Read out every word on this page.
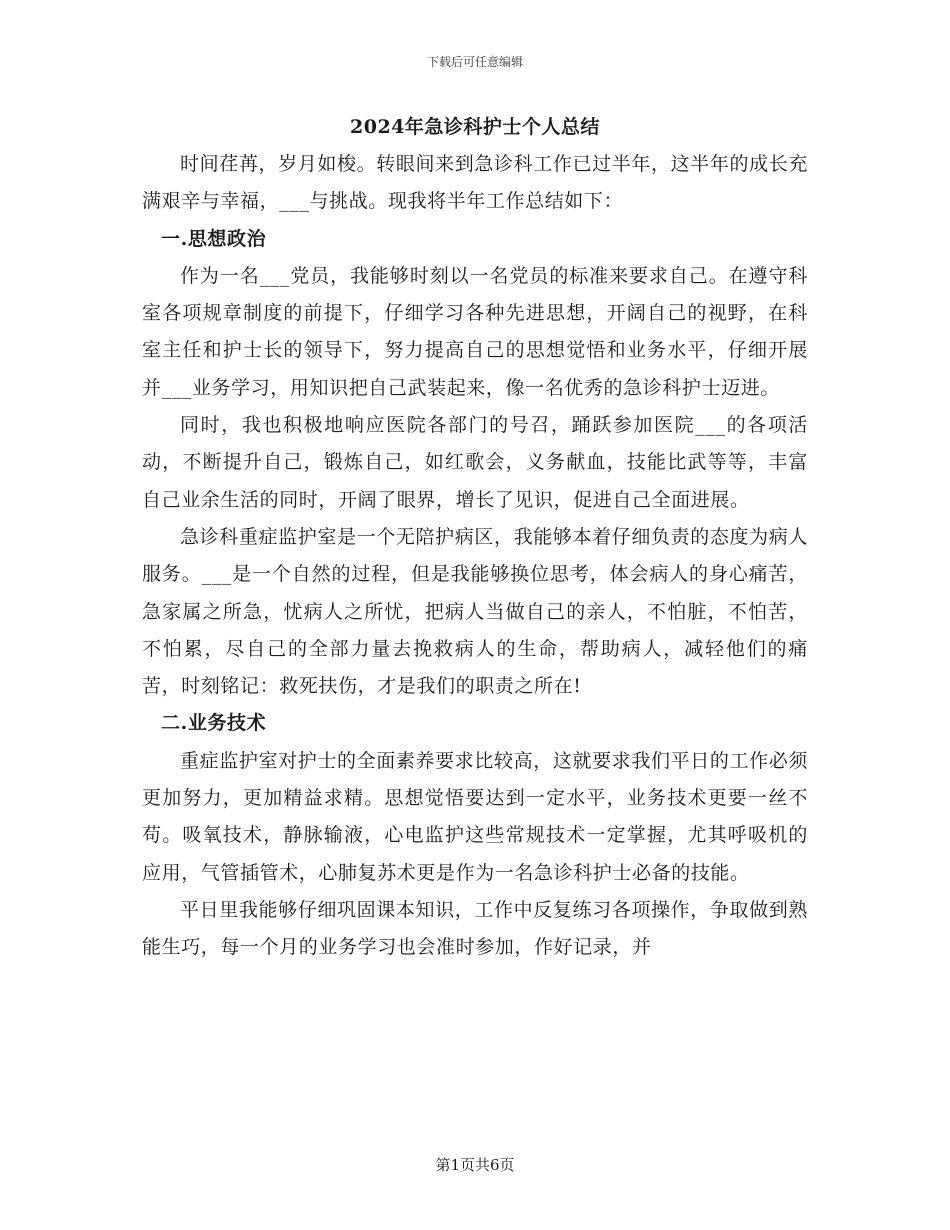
下载后可任意编辑
2024年急诊科护士个人总结

时间荏苒，岁月如梭。转眼间来到急诊科工作已过半年，这半年的成长充满艰辛与幸福，___与挑战。现我将半年工作总结如下：

一.思想政治

作为一名___党员，我能够时刻以一名党员的标准来要求自己。在遵守科室各项规章制度的前提下，仔细学习各种先进思想，开阔自己的视野，在科室主任和护士长的领导下，努力提高自己的思想觉悟和业务水平，仔细开展并___业务学习，用知识把自己武装起来，像一名优秀的急诊科护士迈进。

同时，我也积极地响应医院各部门的号召，踊跃参加医院___的各项活动，不断提升自己，锻炼自己，如红歌会，义务献血，技能比武等等，丰富自己业余生活的同时，开阔了眼界，增长了见识，促进自己全面进展。

急诊科重症监护室是一个无陪护病区，我能够本着仔细负责的态度为病人服务。___是一个自然的过程，但是我能够换位思考，体会病人的身心痛苦，急家属之所急，忧病人之所忧，把病人当做自己的亲人，不怕脏，不怕苦，不怕累，尽自己的全部力量去挽救病人的生命，帮助病人，减轻他们的痛苦，时刻铭记：救死扶伤，才是我们的职责之所在!

二.业务技术

重症监护室对护士的全面素养要求比较高，这就要求我们平日的工作必须更加努力，更加精益求精。思想觉悟要达到一定水平，业务技术更要一丝不苟。吸氧技术，静脉输液，心电监护这些常规技术一定掌握，尤其呼吸机的应用，气管插管术，心肺复苏术更是作为一名急诊科护士必备的技能。

平日里我能够仔细巩固课本知识，工作中反复练习各项操作，争取做到熟能生巧，每一个月的业务学习也会准时参加，作好记录，并

第1页共6页
